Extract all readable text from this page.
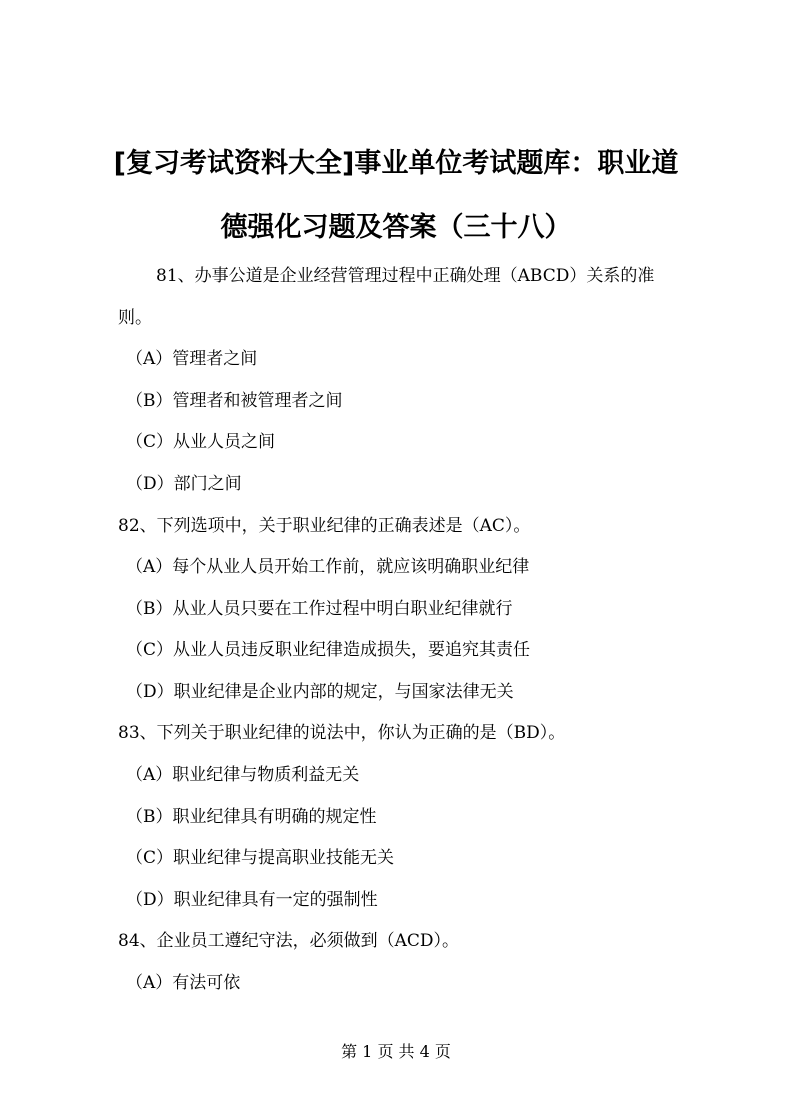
[复习考试资料大全]事业单位考试题库：职业道
德强化习题及答案（三十八）
81、办事公道是企业经营管理过程中正确处理（ABCD）关系的准
则。
（A）管理者之间
（B）管理者和被管理者之间
（C）从业人员之间
（D）部门之间
82、下列选项中，关于职业纪律的正确表述是（AC）。
（A）每个从业人员开始工作前，就应该明确职业纪律
（B）从业人员只要在工作过程中明白职业纪律就行
（C）从业人员违反职业纪律造成损失，要追究其责任
（D）职业纪律是企业内部的规定，与国家法律无关
83、下列关于职业纪律的说法中，你认为正确的是（BD）。
（A）职业纪律与物质利益无关
（B）职业纪律具有明确的规定性
（C）职业纪律与提高职业技能无关
（D）职业纪律具有一定的强制性
84、企业员工遵纪守法，必须做到（ACD）。
（A）有法可依
第 1 页 共 4 页
